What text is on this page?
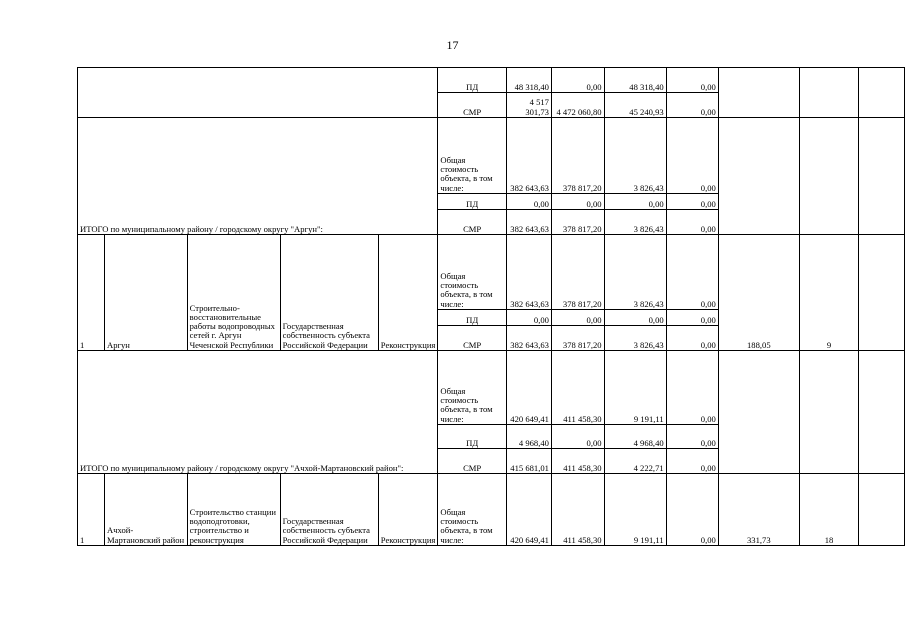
17
					ПД	48 318,40	0,00	48 318,40	0,00			
					СМР	4 517 301,73	4 472 060,80	45 240,93	0,00			
ИТОГО по муниципальному району / городскому округу "Аргун":					Общая стоимость объекта, в том числе:	382 643,63	378 817,20	3 826,43	0,00			
					ПД	0,00	0,00	0,00	0,00			
					СМР	382 643,63	378 817,20	3 826,43	0,00			
1	Аргун	Строительно-восстановительные работы водопроводных сетей г. Аргун Чеченской Республики	Государственная собственность субъекта Российской Федерации	Реконструкция	Общая стоимость объекта, в том числе:	382 643,63	378 817,20	3 826,43	0,00	188,05	9	
					ПД	0,00	0,00	0,00	0,00			
					СМР	382 643,63	378 817,20	3 826,43	0,00			
ИТОГО по муниципальному району / городскому округу "Ачхой-Мартановский район":					Общая стоимость объекта, в том числе:	420 649,41	411 458,30	9 191,11	0,00			
					ПД	4 968,40	0,00	4 968,40	0,00			
					СМР	415 681,01	411 458,30	4 222,71	0,00			
1	Ачхой-Мартановский район	Строительство станции водоподготовки, строительство и реконструкция	Государственная собственность субъекта Российской Федерации	Реконструкция	Общая стоимость объекта, в том числе:	420 649,41	411 458,30	9 191,11	0,00	331,73	18	
